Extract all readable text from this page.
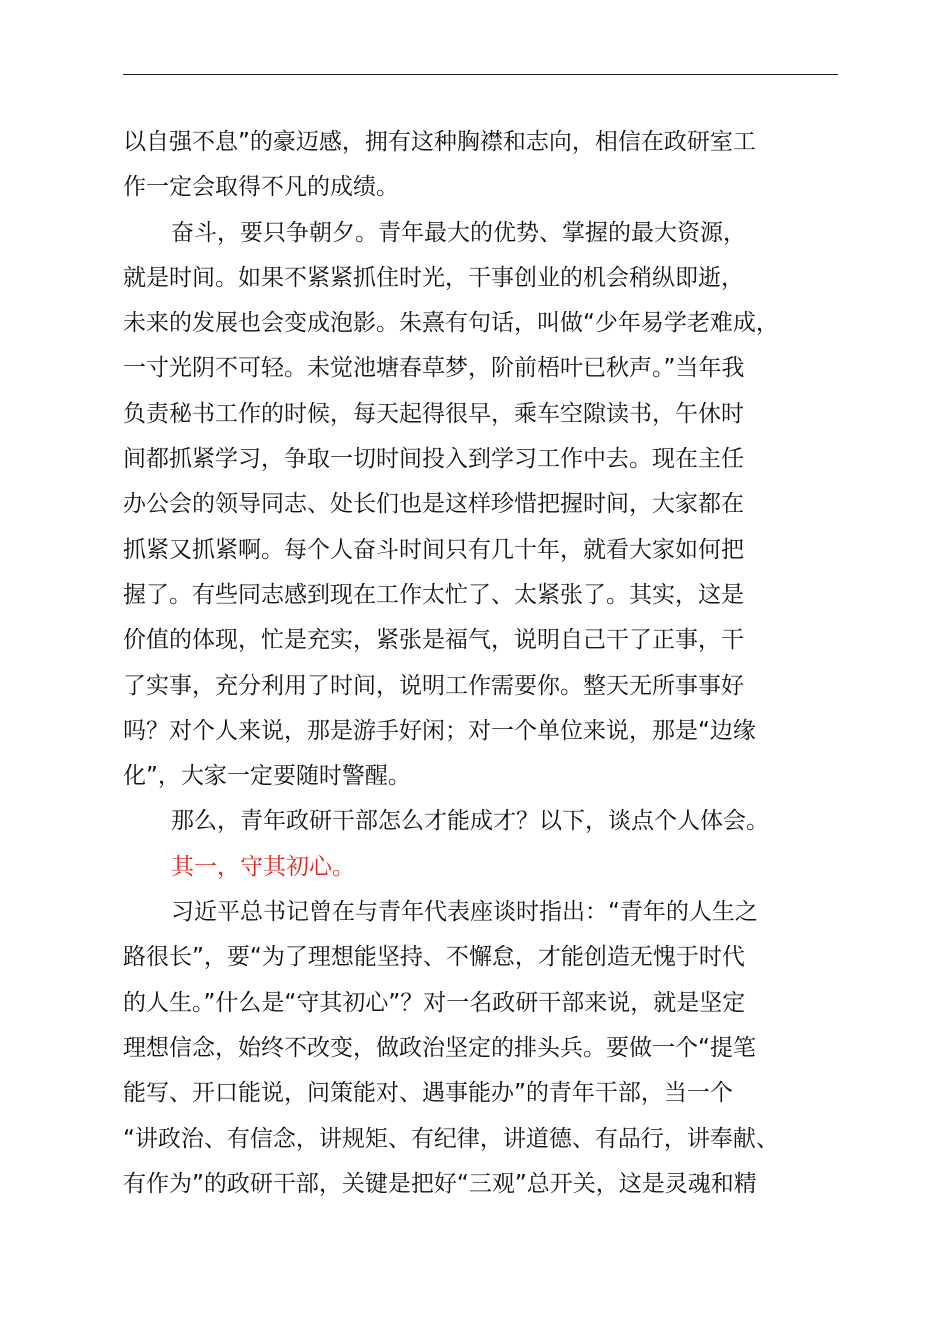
以自强不息”的豪迈感，拥有这种胸襟和志向，相信在政研室工
作一定会取得不凡的成绩。
奋斗，要只争朝夕。青年最大的优势、掌握的最大资源，
就是时间。如果不紧紧抓住时光，干事创业的机会稍纵即逝，
未来的发展也会变成泡影。朱熹有句话，叫做“少年易学老难成，
一寸光阴不可轻。未觉池塘春草梦，阶前梧叶已秋声。”当年我
负责秘书工作的时候，每天起得很早，乘车空隙读书，午休时
间都抓紧学习，争取一切时间投入到学习工作中去。现在主任
办公会的领导同志、处长们也是这样珍惜把握时间，大家都在
抓紧又抓紧啊。每个人奋斗时间只有几十年，就看大家如何把
握了。有些同志感到现在工作太忙了、太紧张了。其实，这是
价值的体现，忙是充实，紧张是福气，说明自己干了正事，干
了实事，充分利用了时间，说明工作需要你。整天无所事事好
吗？对个人来说，那是游手好闲；对一个单位来说，那是“边缘
化”，大家一定要随时警醒。
那么，青年政研干部怎么才能成才？以下，谈点个人体会。
其一，守其初心。
习近平总书记曾在与青年代表座谈时指出：“青年的人生之
路很长”，要“为了理想能坚持、不懈怠，才能创造无愧于时代
的人生。”什么是“守其初心”？对一名政研干部来说，就是坚定
理想信念，始终不改变，做政治坚定的排头兵。要做一个“提笔
能写、开口能说，问策能对、遇事能办”的青年干部，当一个
“讲政治、有信念，讲规矩、有纪律，讲道德、有品行，讲奉献、
有作为”的政研干部，关键是把好“三观”总开关，这是灵魂和精
